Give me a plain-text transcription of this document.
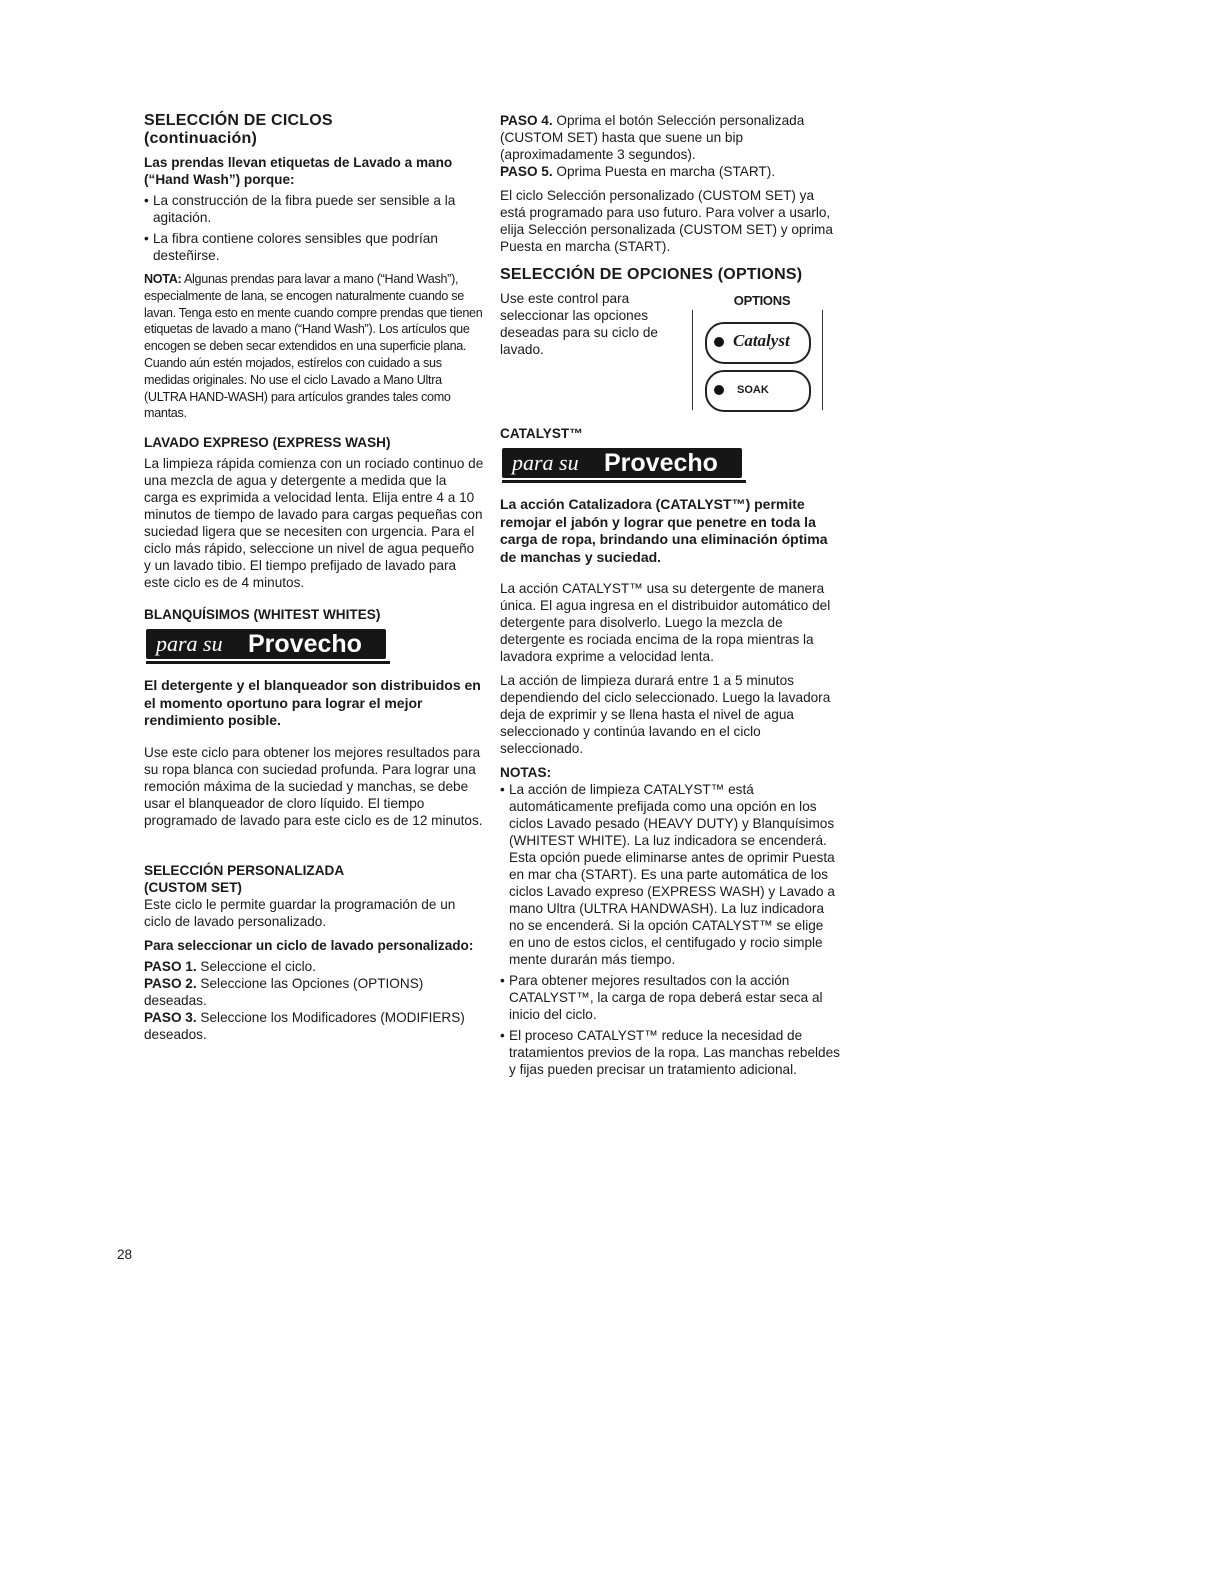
SELECCIÓN DE CICLOS
(continuación)
Las prendas llevan etiquetas de Lavado a mano (“Hand Wash”) porque:
• La construcción de la fibra puede ser sensible a la agitación.
• La fibra contiene colores sensibles que podrían desteñirse.

NOTA: Algunas prendas para lavar a mano (“Hand Wash”), especialmente de lana, se encogen naturalmente cuando se lavan. Tenga esto en mente cuando compre prendas que tienen etiquetas de lavado a mano (“Hand Wash”). Los artículos que encogen se deben secar extendidos en una superficie plana. Cuando aún estén mojados, estírelos con cuidado a sus medidas originales. No use el ciclo Lavado a Mano Ultra (ULTRA HAND-WASH) para artículos grandes tales como mantas.

LAVADO EXPRESO (EXPRESS WASH)

La limpieza rápida comienza con un rociado continuo de una mezcla de agua y detergente a medida que la carga es exprimida a velocidad lenta. Elija entre 4 a 10 minutos de tiempo de lavado para cargas pequeñas con suciedad ligera que se necesiten con urgencia. Para el ciclo más rápido, seleccione un nivel de agua pequeño y un lavado tibio. El tiempo prefijado de lavado para este ciclo es de 4 minutos.

BLANQUÍSIMOS (WHITEST WHITES)
para su Provecho

El detergente y el blanqueador son distribuidos en el momento oportuno para lograr el mejor rendimiento posible.

Use este ciclo para obtener los mejores resultados para su ropa blanca con suciedad profunda. Para lograr una remoción máxima de la suciedad y manchas, se debe usar el blanqueador de cloro líquido. El tiempo programado de lavado para este ciclo es de 12 minutos.

SELECCIÓN PERSONALIZADA
(CUSTOM SET)

Este ciclo le permite guardar la programación de un ciclo de lavado personalizado.

Para seleccionar un ciclo de lavado personalizado:

PASO 1. Seleccione el ciclo.

PASO 2. Seleccione las Opciones (OPTIONS) deseadas.

PASO 3. Seleccione los Modificadores (MODIFIERS) deseados.

PASO 4. Oprima el botón Selección personalizada (CUSTOM SET) hasta que suene un bip (aproximadamente 3 segundos).

PASO 5. Oprima Puesta en marcha (START).

El ciclo Selección personalizado (CUSTOM SET) ya está programado para uso futuro. Para volver a usarlo, elija Selección personalizada (CUSTOM SET) y oprima Puesta en marcha (START).

SELECCIÓN DE OPCIONES (OPTIONS)

Use este control para seleccionar las opciones deseadas para su ciclo de lavado.

OPTIONS
Catalyst
SOAK
CATALYST™
para su Provecho

La acción Catalizadora (CATALYST™) permite remojar el jabón y lograr que penetre en toda la carga de ropa, brindando una eliminación óptima de manchas y suciedad.

La acción CATALYST™ usa su detergente de manera única. El agua ingresa en el distribuidor automático del detergente para disolverlo. Luego la mezcla de detergente es rociada encima de la ropa mientras la lavadora exprime a velocidad lenta.

La acción de limpieza durará entre 1 a 5 minutos dependiendo del ciclo seleccionado. Luego la lavadora deja de exprimir y se llena hasta el nivel de agua seleccionado y continúa lavando en el ciclo seleccionado.

NOTAS:
• La acción de limpieza CATALYST™ está automáticamente prefijada como una opción en los ciclos Lavado pesado (HEAVY DUTY) y Blanquísimos (WHITEST WHITE). La luz indicadora se encenderá. Esta opción puede eliminarse antes de oprimir Puesta en mar cha (START). Es una parte automática de los ciclos Lavado expreso (EXPRESS WASH) y Lavado a mano Ultra (ULTRA HANDWASH). La luz indicadora no se encenderá. Si la opción CATALYST™ se elige en uno de estos ciclos, el centifugado y rocio simple mente durarán más tiempo.
• Para obtener mejores resultados con la acción CATALYST™, la carga de ropa deberá estar seca al inicio del ciclo.
• El proceso CATALYST™ reduce la necesidad de tratamientos previos de la ropa. Las manchas rebeldes y fijas pueden precisar un tratamiento adicional.
28
